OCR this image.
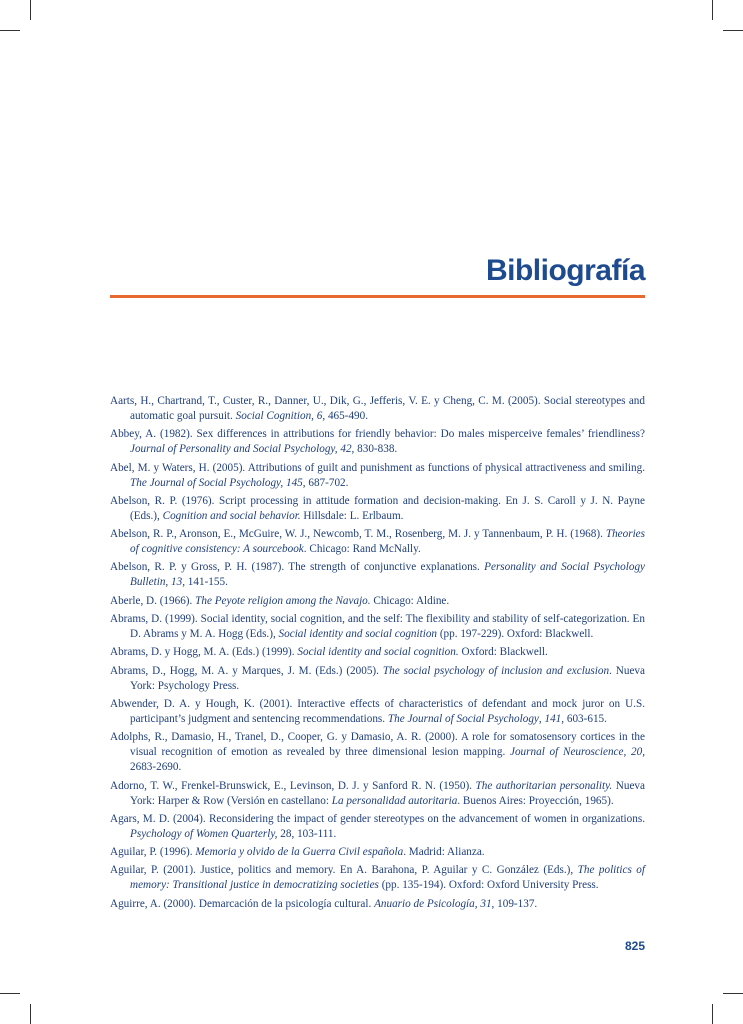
Bibliografía
Aarts, H., Chartrand, T., Custer, R., Danner, U., Dik, G., Jefferis, V. E. y Cheng, C. M. (2005). Social stereotypes and automatic goal pursuit. Social Cognition, 6, 465-490.
Abbey, A. (1982). Sex differences in attributions for friendly behavior: Do males misperceive females’ friendliness? Journal of Personality and Social Psychology, 42, 830-838.
Abel, M. y Waters, H. (2005). Attributions of guilt and punishment as functions of physical attractiveness and smiling. The Journal of Social Psychology, 145, 687-702.
Abelson, R. P. (1976). Script processing in attitude formation and decision-making. En J. S. Caroll y J. N. Payne (Eds.), Cognition and social behavior. Hillsdale: L. Erlbaum.
Abelson, R. P., Aronson, E., McGuire, W. J., Newcomb, T. M., Rosenberg, M. J. y Tannenbaum, P. H. (1968). Theories of cognitive consistency: A sourcebook. Chicago: Rand McNally.
Abelson, R. P. y Gross, P. H. (1987). The strength of conjunctive explanations. Personality and Social Psychology Bulletin, 13, 141-155.
Aberle, D. (1966). The Peyote religion among the Navajo. Chicago: Aldine.
Abrams, D. (1999). Social identity, social cognition, and the self: The flexibility and stability of self-categorization. En D. Abrams y M. A. Hogg (Eds.), Social identity and social cognition (pp. 197-229). Oxford: Blackwell.
Abrams, D. y Hogg, M. A. (Eds.) (1999). Social identity and social cognition. Oxford: Blackwell.
Abrams, D., Hogg, M. A. y Marques, J. M. (Eds.) (2005). The social psychology of inclusion and exclusion. Nueva York: Psychology Press.
Abwender, D. A. y Hough, K. (2001). Interactive effects of characteristics of defendant and mock juror on U.S. participant’s judgment and sentencing recommendations. The Journal of Social Psychology, 141, 603-615.
Adolphs, R., Damasio, H., Tranel, D., Cooper, G. y Damasio, A. R. (2000). A role for somatosensory cortices in the visual recognition of emotion as revealed by three dimensional lesion mapping. Journal of Neuroscience, 20, 2683-2690.
Adorno, T. W., Frenkel-Brunswick, E., Levinson, D. J. y Sanford R. N. (1950). The authoritarian personality. Nueva York: Harper & Row (Versión en castellano: La personalidad autoritaria. Buenos Aires: Proyección, 1965).
Agars, M. D. (2004). Reconsidering the impact of gender stereotypes on the advancement of women in organizations. Psychology of Women Quarterly, 28, 103-111.
Aguilar, P. (1996). Memoria y olvido de la Guerra Civil española. Madrid: Alianza.
Aguilar, P. (2001). Justice, politics and memory. En A. Barahona, P. Aguilar y C. González (Eds.), The politics of memory: Transitional justice in democratizing societies (pp. 135-194). Oxford: Oxford University Press.
Aguirre, A. (2000). Demarcación de la psicología cultural. Anuario de Psicología, 31, 109-137.
825
